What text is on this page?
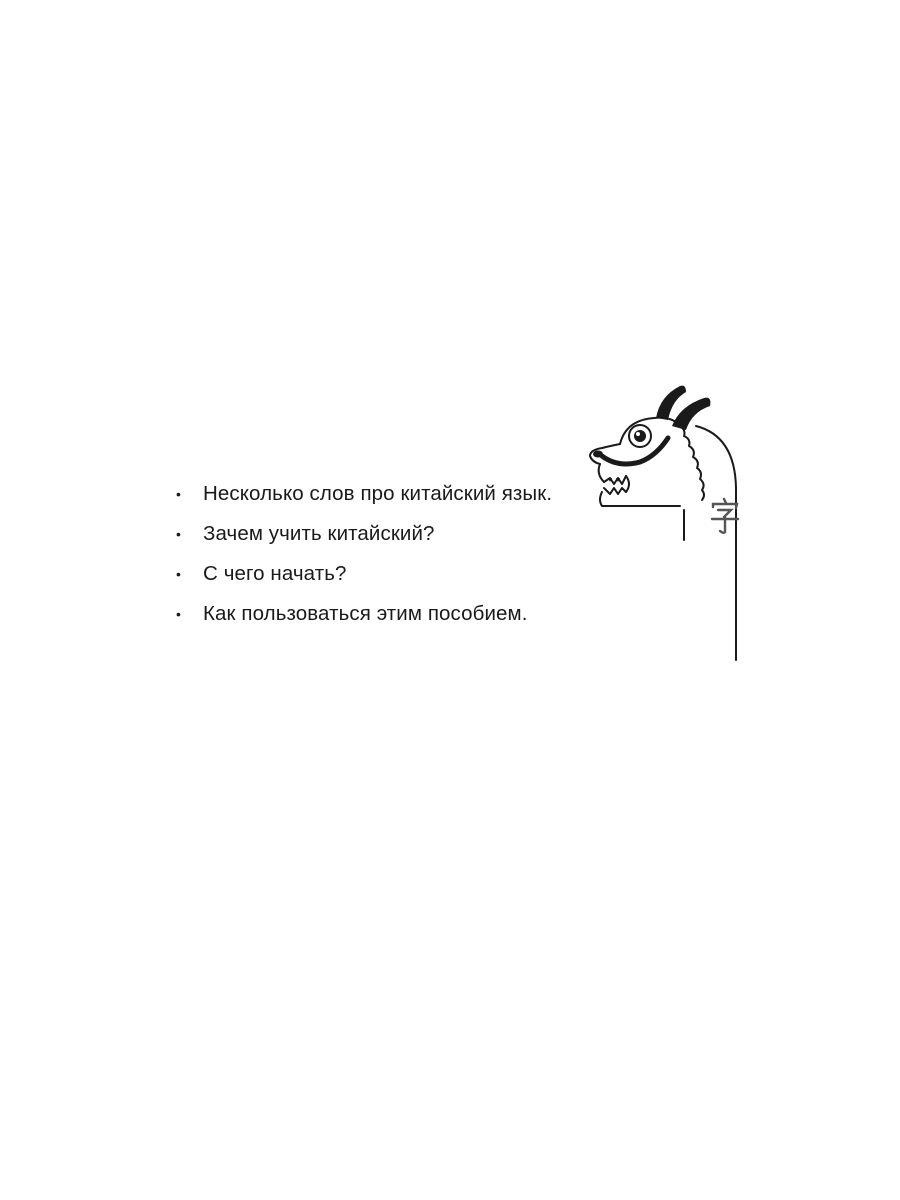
• Несколько слов про китайский язык.
• Зачем учить китайский?
• С чего начать?
• Как пользоваться этим пособием.
